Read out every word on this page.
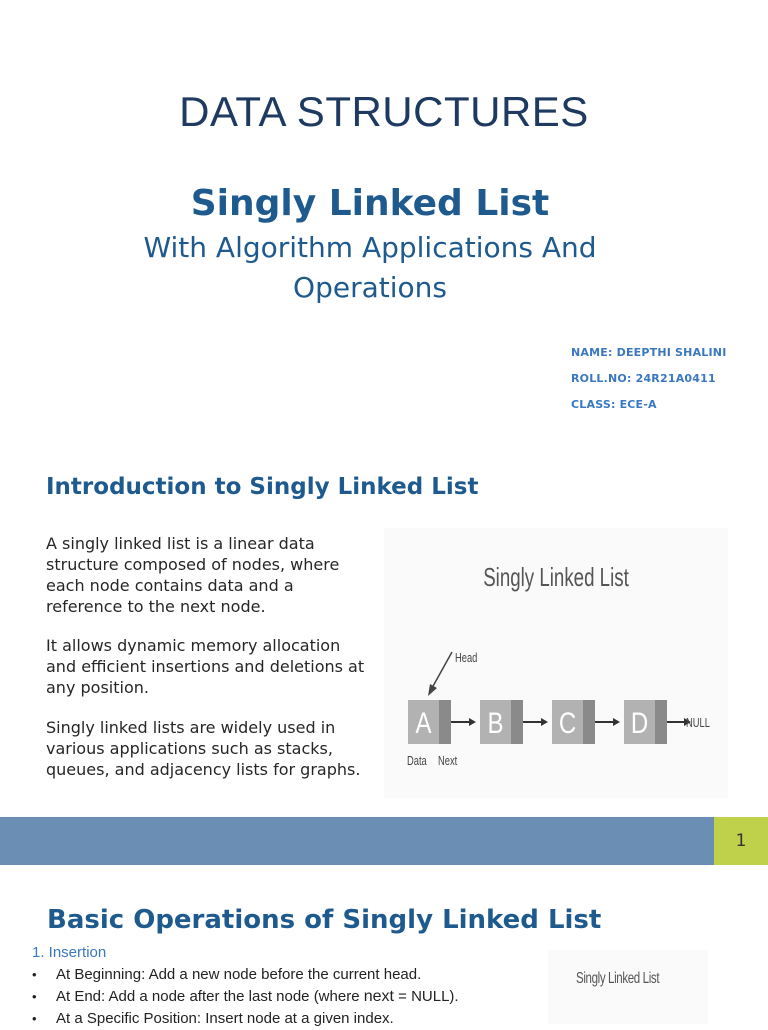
DATA STRUCTURES
Singly Linked List
With Algorithm Applications And Operations
NAME: DEEPTHI SHALINI
ROLL.NO: 24R21A0411
CLASS: ECE-A
Introduction to Singly Linked List
A singly linked list is a linear data structure composed of nodes, where each node contains data and a reference to the next node.
It allows dynamic memory allocation and efficient insertions and deletions at any position.
Singly linked lists are widely used in various applications such as stacks, queues, and adjacency lists for graphs.
Singly Linked List
Head
A B C D	NULL
Data Next
1
Basic Operations of Singly Linked List
1. Insertion
• At Beginning: Add a new node before the current head.
• At End: Add a node after the last node (where next = NULL).
• At a Specific Position: Insert node at a given index.
Singly Linked List
